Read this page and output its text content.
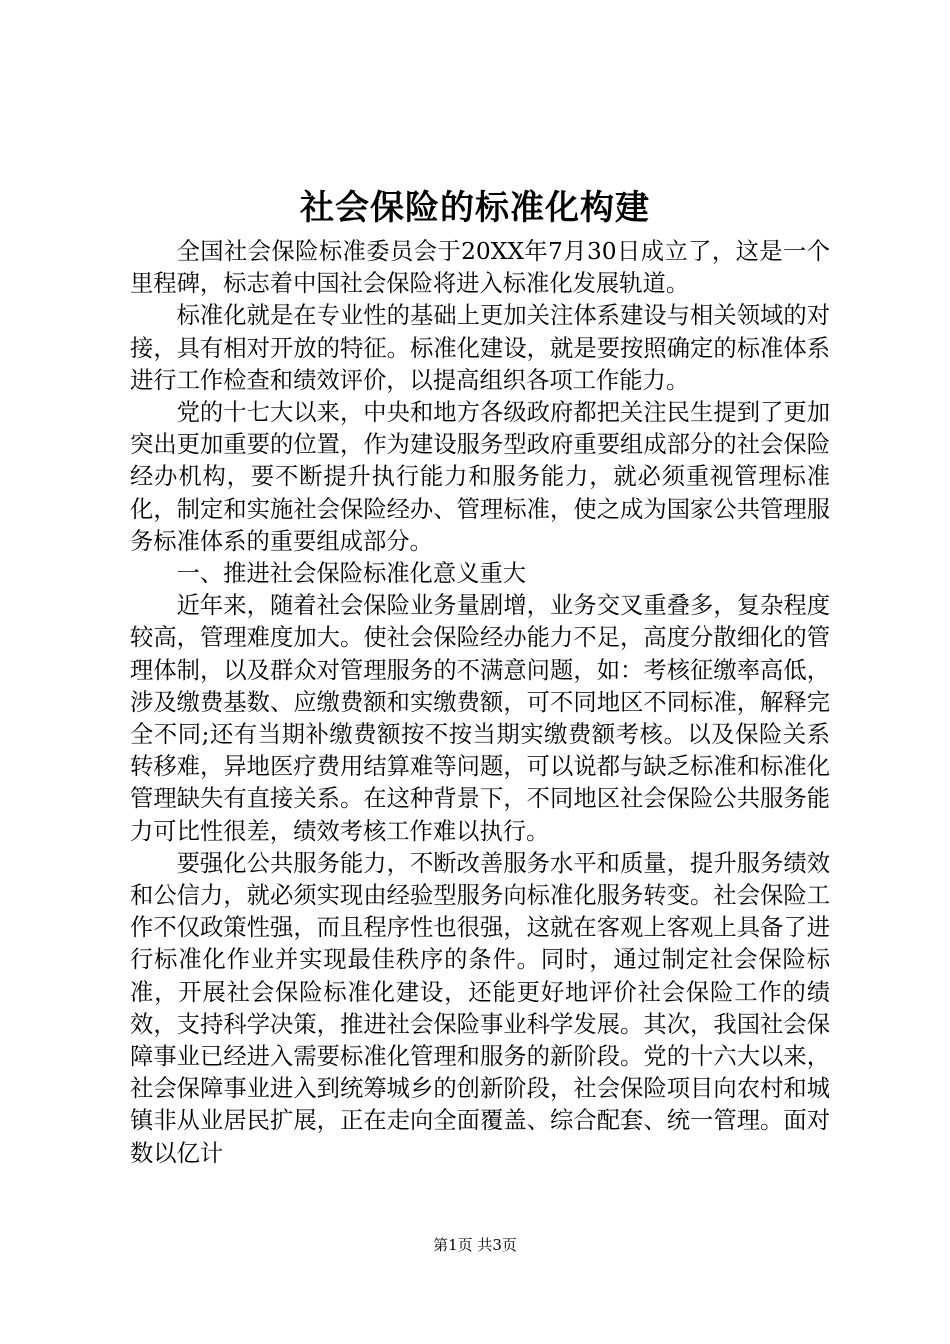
社会保险的标准化构建

全国社会保险标准委员会于20XX年7月30日成立了，这是一个里程碑，标志着中国社会保险将进入标准化发展轨道。

标准化就是在专业性的基础上更加关注体系建设与相关领域的对接，具有相对开放的特征。标准化建设，就是要按照确定的标准体系进行工作检查和绩效评价，以提高组织各项工作能力。

党的十七大以来，中央和地方各级政府都把关注民生提到了更加突出更加重要的位置，作为建设服务型政府重要组成部分的社会保险经办机构，要不断提升执行能力和服务能力，就必须重视管理标准化，制定和实施社会保险经办、管理标准，使之成为国家公共管理服务标准体系的重要组成部分。

一、推进社会保险标准化意义重大

近年来，随着社会保险业务量剧增，业务交叉重叠多，复杂程度较高，管理难度加大。使社会保险经办能力不足，高度分散细化的管理体制，以及群众对管理服务的不满意问题，如：考核征缴率高低，涉及缴费基数、应缴费额和实缴费额，可不同地区不同标准，解释完全不同;还有当期补缴费额按不按当期实缴费额考核。以及保险关系转移难，异地医疗费用结算难等问题，可以说都与缺乏标准和标准化管理缺失有直接关系。在这种背景下，不同地区社会保险公共服务能力可比性很差，绩效考核工作难以执行。

要强化公共服务能力，不断改善服务水平和质量，提升服务绩效和公信力，就必须实现由经验型服务向标准化服务转变。社会保险工作不仅政策性强，而且程序性也很强，这就在客观上客观上具备了进行标准化作业并实现最佳秩序的条件。同时，通过制定社会保险标准，开展社会保险标准化建设，还能更好地评价社会保险工作的绩效，支持科学决策，推进社会保险事业科学发展。其次，我国社会保障事业已经进入需要标准化管理和服务的新阶段。党的十六大以来，社会保障事业进入到统筹城乡的创新阶段，社会保险项目向农村和城镇非从业居民扩展，正在走向全面覆盖、综合配套、统一管理。面对数以亿计

第1页 共3页
